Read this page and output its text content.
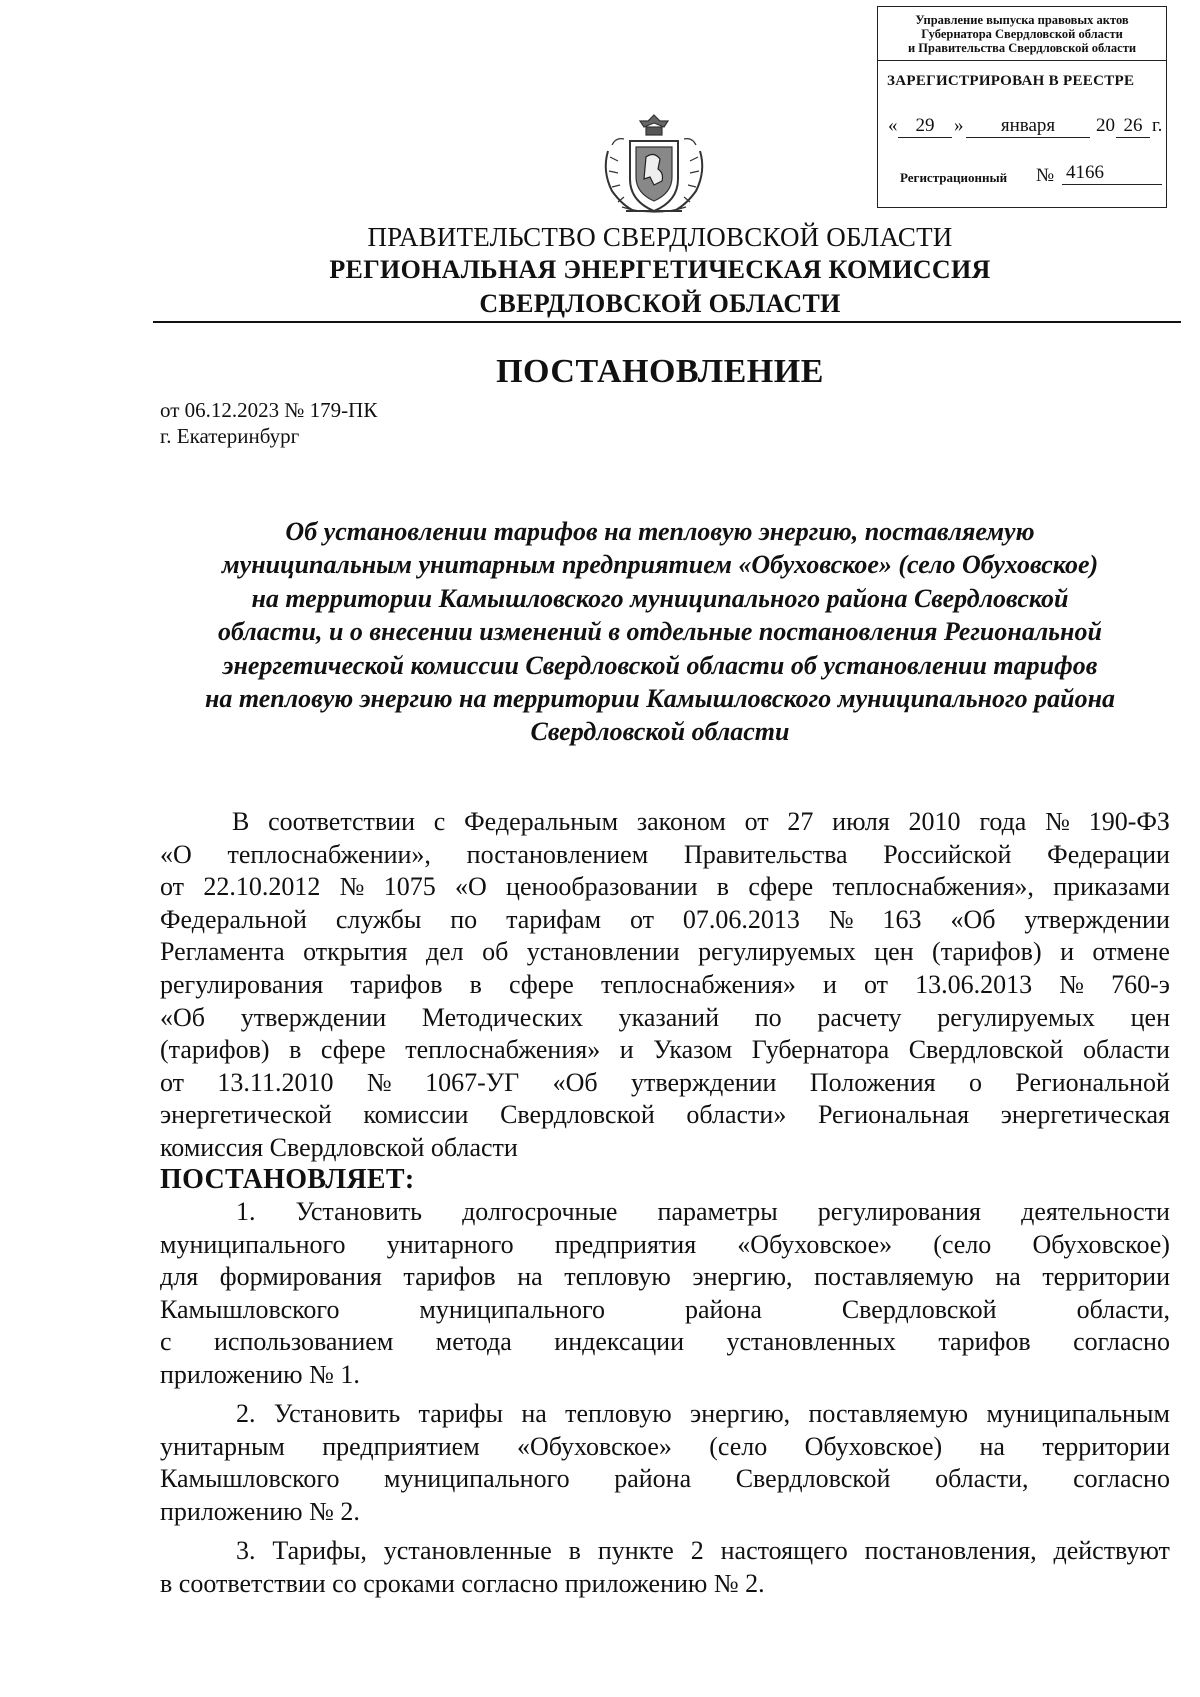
Управление выпуска правовых актов
Губернатора Свердловской области
и Правительства Свердловской области
ЗАРЕГИСТРИРОВАН В РЕЕСТРЕ
« 29	»	января	20 26 г.
Регистрационный № 4166
ПРАВИТЕЛЬСТВО СВЕРДЛОВСКОЙ ОБЛАСТИ
РЕГИОНАЛЬНАЯ ЭНЕРГЕТИЧЕСКАЯ КОМИССИЯ
СВЕРДЛОВСКОЙ ОБЛАСТИ
ПОСТАНОВЛЕНИЕ
от 06.12.2023 № 179-ПК
г. Екатеринбург
Об установлении тарифов на тепловую энергию, поставляемую
муниципальным унитарным предприятием «Обуховское» (село Обуховское)
на территории Камышловского муниципального района Свердловской
области, и о внесении изменений в отдельные постановления Региональной
энергетической комиссии Свердловской области об установлении тарифов
на тепловую энергию на территории Камышловского муниципального района
Свердловской области
В соответствии с Федеральным законом от 27 июля 2010 года № 190-ФЗ
«О теплоснабжении», постановлением Правительства Российской Федерации
от 22.10.2012 № 1075 «О ценообразовании в сфере теплоснабжения», приказами
Федеральной службы по тарифам от 07.06.2013 № 163 «Об утверждении
Регламента открытия дел об установлении регулируемых цен (тарифов) и отмене
регулирования тарифов в сфере теплоснабжения» и от 13.06.2013 № 760-э
«Об утверждении Методических указаний по расчету регулируемых цен
(тарифов) в сфере теплоснабжения» и Указом Губернатора Свердловской области
от 13.11.2010 № 1067-УГ «Об утверждении Положения о Региональной
энергетической комиссии Свердловской области» Региональная энергетическая
комиссия Свердловской области
ПОСТАНОВЛЯЕТ:
1. Установить долгосрочные параметры регулирования деятельности
муниципального унитарного предприятия «Обуховское» (село Обуховское)
для формирования тарифов на тепловую энергию, поставляемую на территории
Камышловского	муниципального	района	Свердловской	области,
с использованием метода индексации установленных тарифов согласно
приложению № 1.
2. Установить тарифы на тепловую энергию, поставляемую муниципальным
унитарным предприятием «Обуховское» (село Обуховское) на территории
Камышловского муниципального района Свердловской области, согласно
приложению № 2.
3. Тарифы, установленные в пункте 2 настоящего постановления, действуют
в соответствии со сроками согласно приложению № 2.
